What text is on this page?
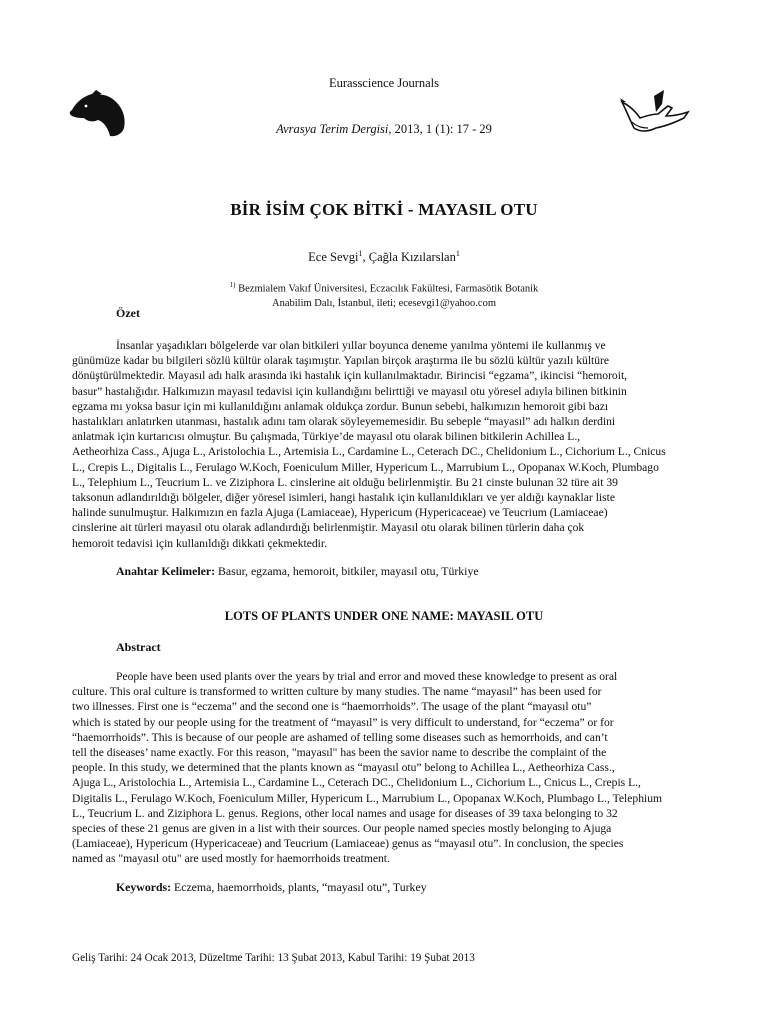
Eurasscience Journals
Avrasya Terim Dergisi, 2013, 1 (1): 17 - 29
BİR İSİM ÇOK BİTKİ - MAYASIL OTU
Ece Sevgi$^1$, Çağla Kızılarslan$^1$
$^{1)}$ Bezmialem Vakıf Üniversitesi, Eczacılık Fakültesi, Farmasötik Botanik
Anabilim Dalı, İstanbul, ileti; ecesevgi1@yahoo.com
Özet
İnsanlar yaşadıkları bölgelerde var olan bitkileri yıllar boyunca deneme yanılma yöntemi ile kullanmış ve
günümüze kadar bu bilgileri sözlü kültür olarak taşımıştır. Yapılan birçok araştırma ile bu sözlü kültür yazılı kültüre
dönüştürülmektedir. Mayasıl adı halk arasında iki hastalık için kullanılmaktadır. Birincisi “egzama”, ikincisi “hemoroit,
basur” hastalığıdır. Halkımızın mayasıl tedavisi için kullandığını belirttiği ve mayasıl otu yöresel adıyla bilinen bitkinin
egzama mı yoksa basur için mi kullanıldığını anlamak oldukça zordur. Bunun sebebi, halkımızın hemoroit gibi bazı
hastalıkları anlatırken utanması, hastalık adını tam olarak söyleyememesidir. Bu sebeple “mayasıl” adı halkın derdini
anlatmak için kurtarıcısı olmuştur. Bu çalışmada, Türkiye’de mayasıl otu olarak bilinen bitkilerin Achillea L.,
Aetheorhiza Cass., Ajuga L., Aristolochia L., Artemisia L., Cardamine L., Ceterach DC., Chelidonium L., Cichorium L., Cnicus
L., Crepis L., Digitalis L., Ferulago W.Koch, Foeniculum Miller, Hypericum L., Marrubium L., Opopanax W.Koch, Plumbago
L., Telephium L., Teucrium L. ve Ziziphora L. cinslerine ait olduğu belirlenmiştir. Bu 21 cinste bulunan 32 türe ait 39
taksonun adlandırıldığı bölgeler, diğer yöresel isimleri, hangi hastalık için kullanıldıkları ve yer aldığı kaynaklar liste
halinde sunulmuştur. Halkımızın en fazla Ajuga (Lamiaceae), Hypericum (Hypericaceae) ve Teucrium (Lamiaceae)
cinslerine ait türleri mayasıl otu olarak adlandırdığı belirlenmiştir. Mayasıl otu olarak bilinen türlerin daha çok
hemoroit tedavisi için kullanıldığı dikkati çekmektedir.
Anahtar Kelimeler: Basur, egzama, hemoroit, bitkiler, mayasıl otu, Türkiye
LOTS OF PLANTS UNDER ONE NAME: MAYASIL OTU
Abstract
People have been used plants over the years by trial and error and moved these knowledge to present as oral
culture. This oral culture is transformed to written culture by many studies. The name “mayasıl” has been used for
two illnesses. First one is “eczema” and the second one is “haemorrhoids”. The usage of the plant “mayasıl otu”
which is stated by our people using for the treatment of “mayasıl” is very difficult to understand, for “eczema” or for
“haemorrhoids”. This is because of our people are ashamed of telling some diseases such as hemorrhoids, and can’t
tell the diseases’ name exactly. For this reason, "mayasıl" has been the savior name to describe the complaint of the
people. In this study, we determined that the plants known as “mayasıl otu” belong to Achillea L., Aetheorhiza Cass.,
Ajuga L., Aristolochia L., Artemisia L., Cardamine L., Ceterach DC., Chelidonium L., Cichorium L., Cnicus L., Crepis L.,
Digitalis L., Ferulago W.Koch, Foeniculum Miller, Hypericum L., Marrubium L., Opopanax W.Koch, Plumbago L., Telephium
L., Teucrium L. and Ziziphora L. genus. Regions, other local names and usage for diseases of 39 taxa belonging to 32
species of these 21 genus are given in a list with their sources. Our people named species mostly belonging to Ajuga
(Lamiaceae), Hypericum (Hypericaceae) and Teucrium (Lamiaceae) genus as “mayasıl otu”. In conclusion, the species
named as "mayasıl otu" are used mostly for haemorrhoids treatment.
Keywords: Eczema, haemorrhoids, plants, “mayasıl otu”, Turkey
Geliş Tarihi: 24 Ocak 2013, Düzeltme Tarihi: 13 Şubat 2013, Kabul Tarihi: 19 Şubat 2013
